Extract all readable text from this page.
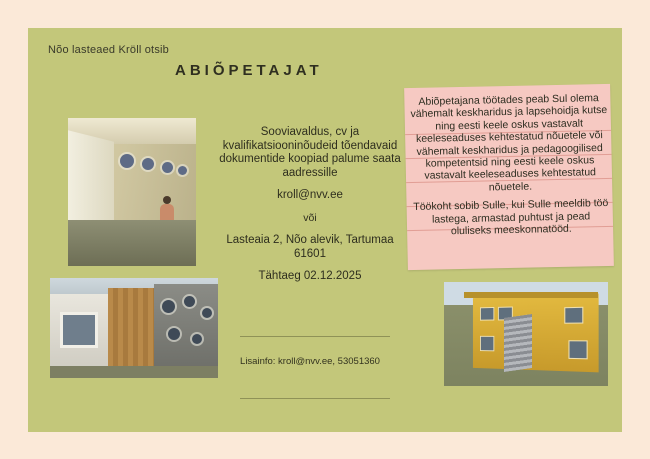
Nõo lasteaed Kröll otsib
ABIÕPETAJAT
Sooviavaldus, cv ja kvalifikatsiooninõudeid tõendavaid dokumentide koopiad palume saata aadressille
kroll@nvv.ee
või
Lasteaia 2, Nõo alevik, Tartumaa 61601
Tähtaeg 02.12.2025
Lisainfo: kroll@nvv.ee, 53051360
Abiõpetajana töötades peab Sul olema vähemalt keskharidus ja lapsehoidja kutse ning eesti keele oskus vastavalt keeleseaduses kehtestatud nõuetele või vähemalt keskharidus ja pedagoogilised kompetentsid ning eesti keele oskus vastavalt keeleseaduses kehtestatud nõuetele.
Töökoht sobib Sulle, kui Sulle meeldib töö lastega, armastad puhtust ja pead oluliseks meeskonnatööd.
